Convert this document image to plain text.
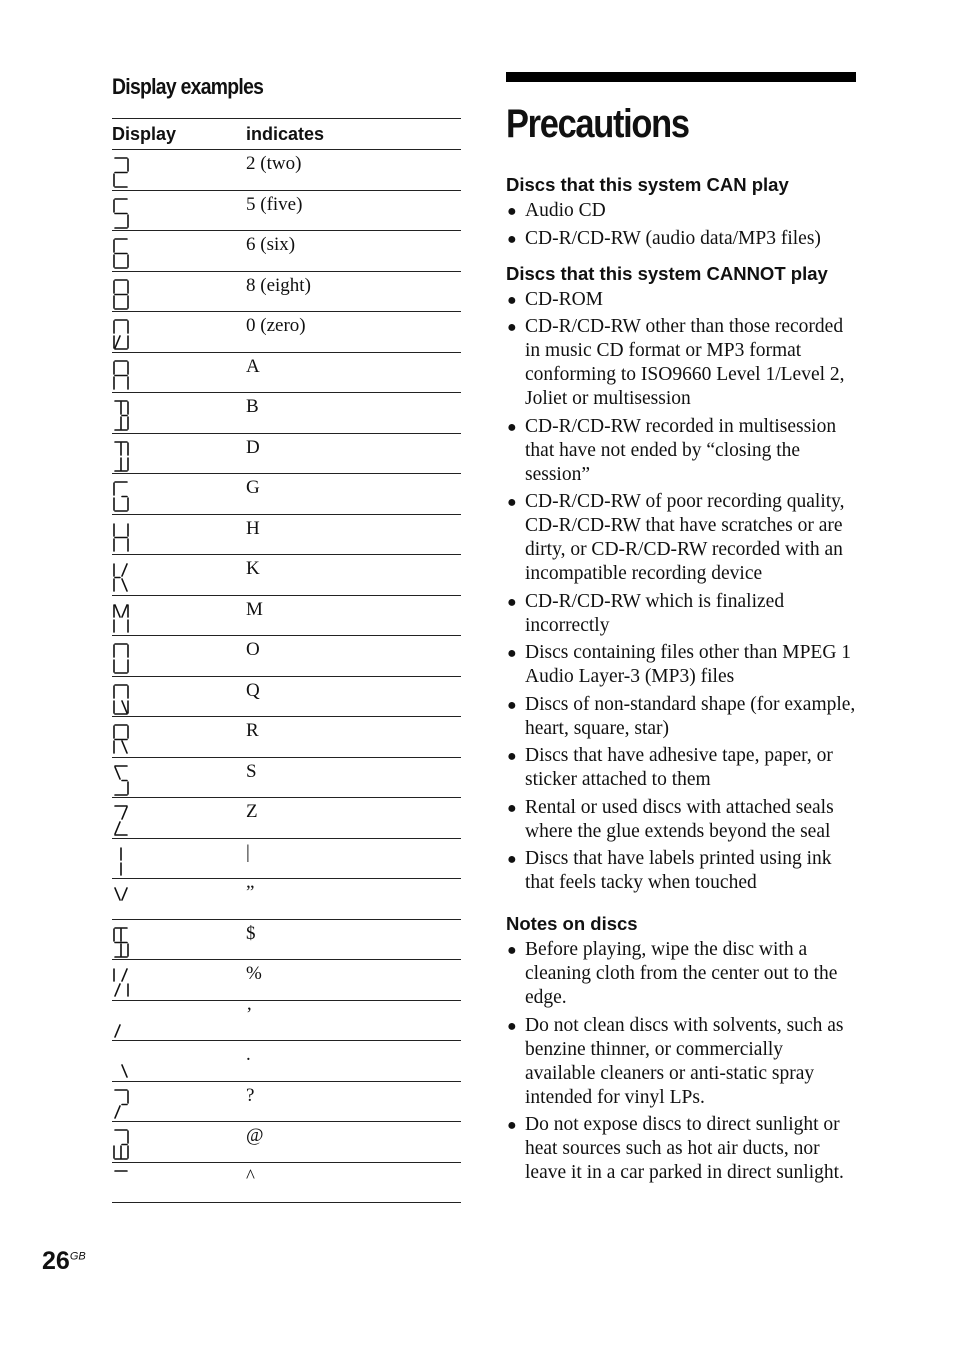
Display examples
Display	indicates
2 (two)
5 (five)
6 (six)
8 (eight)
0 (zero)
A
B
D
G
H
K
M
O
Q
R
S
Z
|
”
$
%
’
.
?
@
^
Precautions

Discs that this system CAN play

● Audio CD
● CD-R/CD-RW (audio data/MP3 files)

Discs that this system CANNOT play

● CD-ROM
● CD-R/CD-RW other than those recorded in music CD format or MP3 format conforming to ISO9660 Level 1/Level 2, Joliet or multisession
● CD-R/CD-RW recorded in multisession that have not ended by “closing the session”
● CD-R/CD-RW of poor recording quality, CD-R/CD-RW that have scratches or are dirty, or CD-R/CD-RW recorded with an incompatible recording device
● CD-R/CD-RW which is finalized incorrectly
● Discs containing files other than MPEG 1 Audio Layer-3 (MP3) files
● Discs of non-standard shape (for example, heart, square, star)
● Discs that have adhesive tape, paper, or sticker attached to them
● Rental or used discs with attached seals where the glue extends beyond the seal
● Discs that have labels printed using ink that feels tacky when touched

Notes on discs

● Before playing, wipe the disc with a cleaning cloth from the center out to the edge.
● Do not clean discs with solvents, such as benzine thinner, or commercially available cleaners or anti-static spray intended for vinyl LPs.
● Do not expose discs to direct sunlight or heat sources such as hot air ducts, nor leave it in a car parked in direct sunlight.
$26^{GB}$
